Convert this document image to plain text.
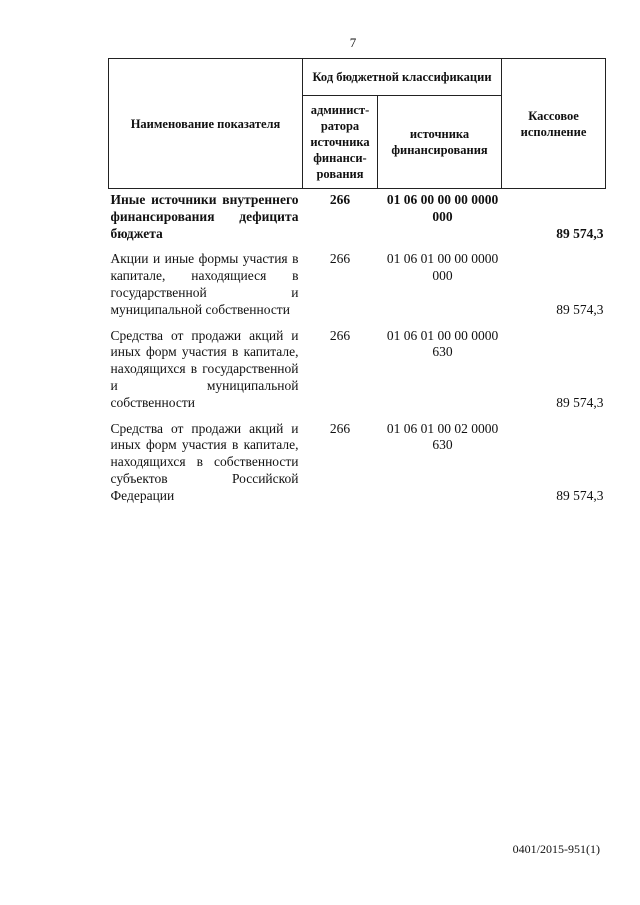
7
Наименование показателя	Код бюджетной классификации		Кассовое исполнение
	админист-ратора источника финанси-рования	источника финансирования	
Иные источники внутреннего финансирования дефицита бюджета	266	01 06 00 00 00 0000 000	89 574,3
Акции и иные формы участия в капитале, находящиеся в государственной и муниципальной собственности	266	01 06 01 00 00 0000 000	89 574,3
Средства от продажи акций и иных форм участия в капитале, находящихся в государственной и муниципальной собственности	266	01 06 01 00 00 0000 630	89 574,3
Средства от продажи акций и иных форм участия в капитале, находящихся в собственности субъектов Российской Федерации	266	01 06 01 00 02 0000 630	89 574,3
0401/2015-951(1)
